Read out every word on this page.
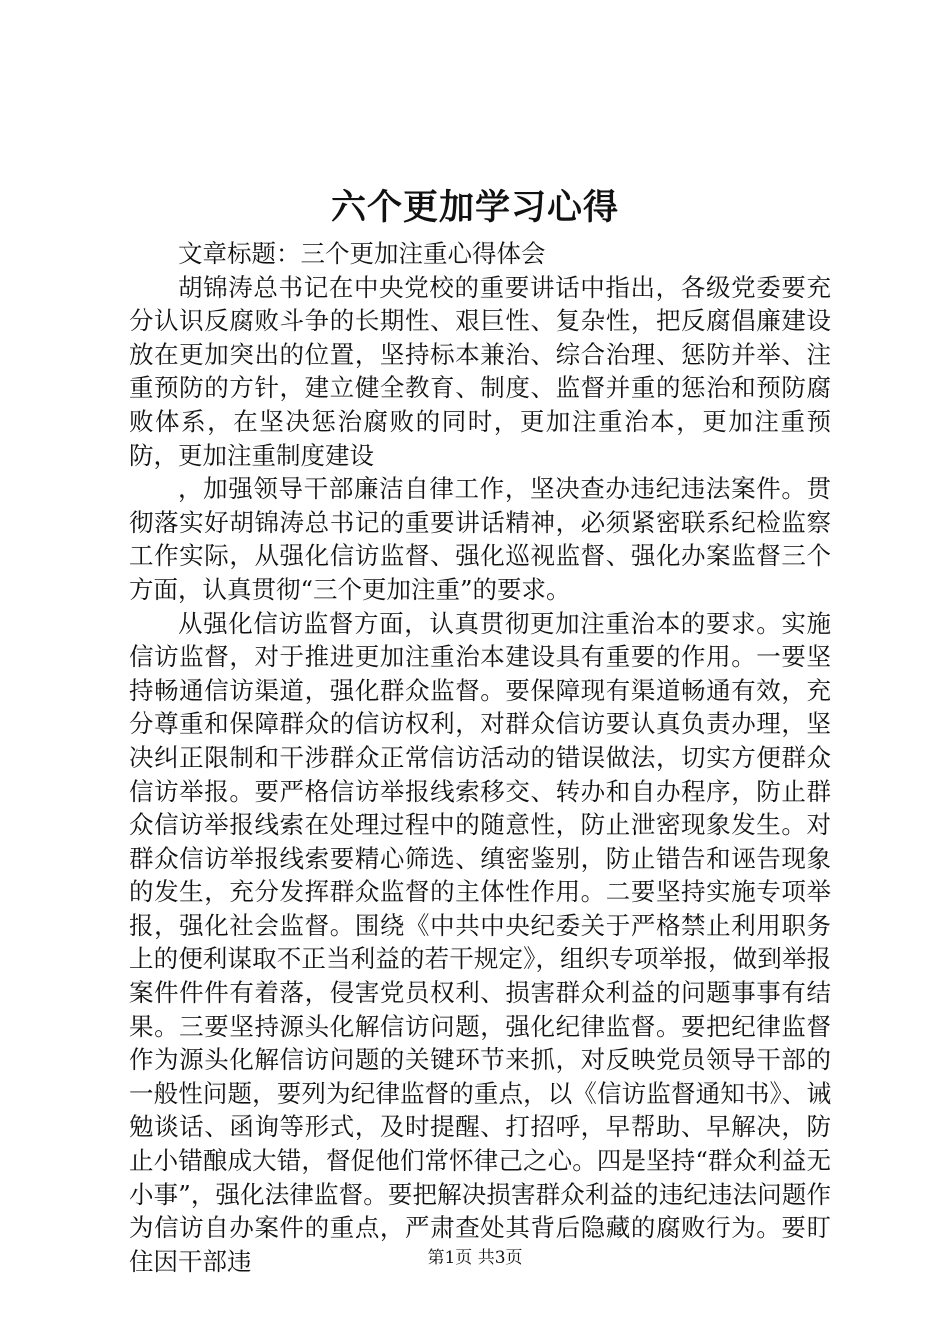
六个更加学习心得

文章标题：三个更加注重心得体会

胡锦涛总书记在中央党校的重要讲话中指出，各级党委要充分认识反腐败斗争的长期性、艰巨性、复杂性，把反腐倡廉建设放在更加突出的位置，坚持标本兼治、综合治理、惩防并举、注重预防的方针，建立健全教育、制度、监督并重的惩治和预防腐败体系，在坚决惩治腐败的同时，更加注重治本，更加注重预防，更加注重制度建设

，加强领导干部廉洁自律工作，坚决查办违纪违法案件。贯彻落实好胡锦涛总书记的重要讲话精神，必须紧密联系纪检监察工作实际，从强化信访监督、强化巡视监督、强化办案监督三个方面，认真贯彻“三个更加注重”的要求。

从强化信访监督方面，认真贯彻更加注重治本的要求。实施信访监督，对于推进更加注重治本建设具有重要的作用。一要坚持畅通信访渠道，强化群众监督。要保障现有渠道畅通有效，充分尊重和保障群众的信访权利，对群众信访要认真负责办理，坚决纠正限制和干涉群众正常信访活动的错误做法，切实方便群众信访举报。要严格信访举报线索移交、转办和自办程序，防止群众信访举报线索在处理过程中的随意性，防止泄密现象发生。对群众信访举报线索要精心筛选、缜密鉴别，防止错告和诬告现象的发生，充分发挥群众监督的主体性作用。二要坚持实施专项举报，强化社会监督。围绕《中共中央纪委关于严格禁止利用职务上的便利谋取不正当利益的若干规定》，组织专项举报，做到举报案件件件有着落，侵害党员权利、损害群众利益的问题事事有结果。三要坚持源头化解信访问题，强化纪律监督。要把纪律监督作为源头化解信访问题的关键环节来抓，对反映党员领导干部的一般性问题，要列为纪律监督的重点，以《信访监督通知书》、诫勉谈话、函询等形式，及时提醒、打招呼，早帮助、早解决，防止小错酿成大错，督促他们常怀律己之心。四是坚持“群众利益无小事”，强化法律监督。要把解决损害群众利益的违纪违法问题作为信访自办案件的重点，严肃查处其背后隐藏的腐败行为。要盯住因干部违	第1页 共3页
